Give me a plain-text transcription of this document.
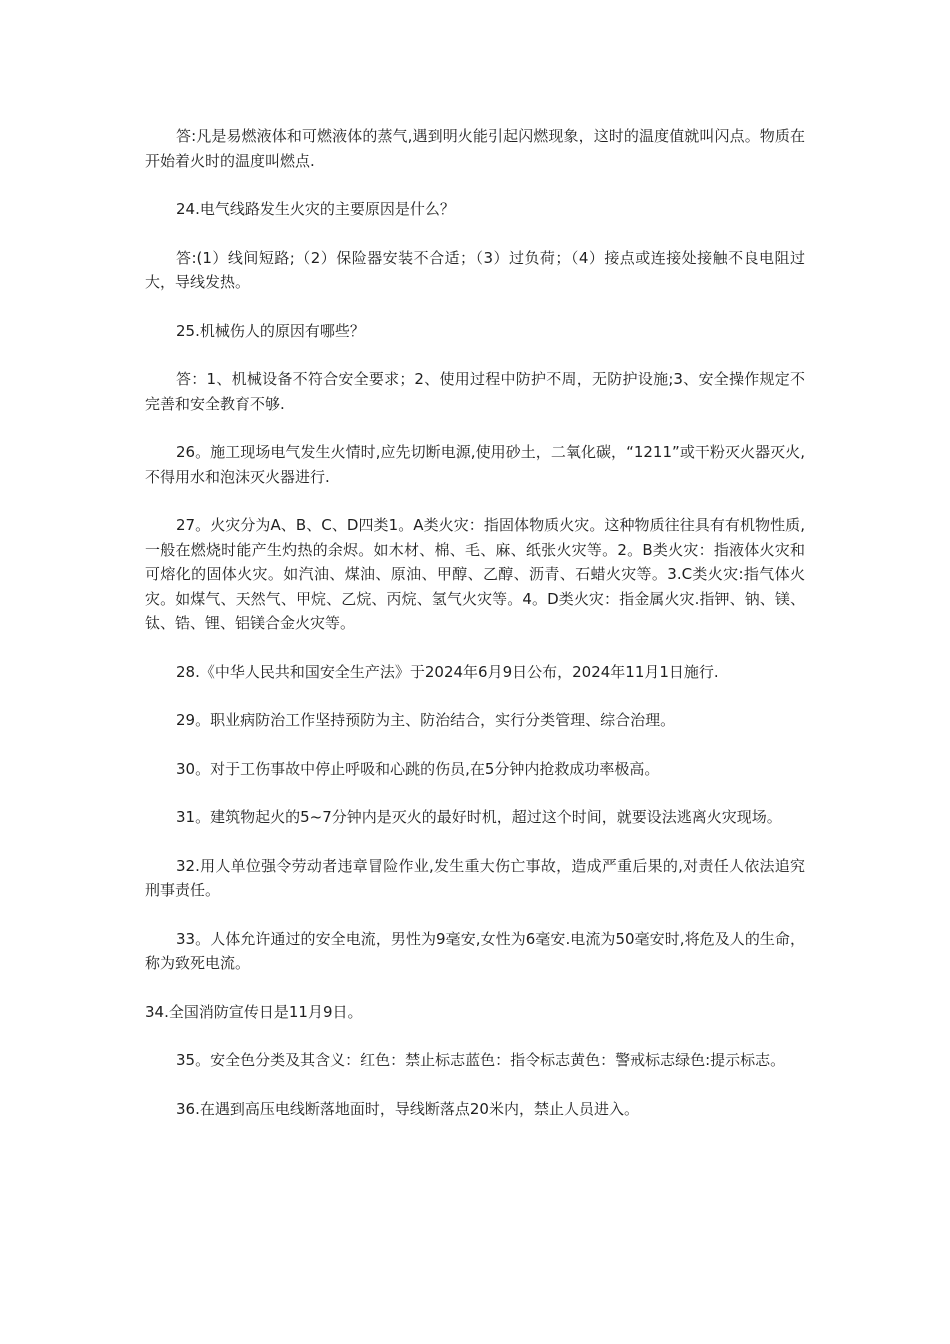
答:凡是易燃液体和可燃液体的蒸气,遇到明火能引起闪燃现象，这时的温度值就叫闪点。物质在开始着火时的温度叫燃点.

24.电气线路发生火灾的主要原因是什么？

答:(1）线间短路;（2）保险器安装不合适；（3）过负荷；（4）接点或连接处接触不良电阻过大，导线发热。

25.机械伤人的原因有哪些？

答：1、机械设备不符合安全要求；2、使用过程中防护不周，无防护设施;3、安全操作规定不完善和安全教育不够.

26。施工现场电气发生火情时,应先切断电源,使用砂土，二氧化碳，“1211”或干粉灭火器灭火,不得用水和泡沫灭火器进行.

27。火灾分为A、B、C、D四类1。A类火灾：指固体物质火灾。这种物质往往具有有机物性质,一般在燃烧时能产生灼热的余烬。如木材、棉、毛、麻、纸张火灾等。2。B类火灾：指液体火灾和可熔化的固体火灾。如汽油、煤油、原油、甲醇、乙醇、沥青、石蜡火灾等。3.C类火灾:指气体火灾。如煤气、天然气、甲烷、乙烷、丙烷、氢气火灾等。4。D类火灾：指金属火灾.指钾、钠、镁、钛、锆、锂、铝镁合金火灾等。

28.《中华人民共和国安全生产法》于2024年6月9日公布，2024年11月1日施行.

29。职业病防治工作坚持预防为主、防治结合，实行分类管理、综合治理。

30。对于工伤事故中停止呼吸和心跳的伤员,在5分钟内抢救成功率极高。

31。建筑物起火的5~7分钟内是灭火的最好时机，超过这个时间，就要设法逃离火灾现场。

32.用人单位强令劳动者违章冒险作业,发生重大伤亡事故，造成严重后果的,对责任人依法追究刑事责任。

33。人体允许通过的安全电流，男性为9毫安,女性为6毫安.电流为50毫安时,将危及人的生命，称为致死电流。

34.全国消防宣传日是11月9日。

35。安全色分类及其含义：红色：禁止标志蓝色：指令标志黄色：警戒标志绿色:提示标志。

36.在遇到高压电线断落地面时，导线断落点20米内，禁止人员进入。
